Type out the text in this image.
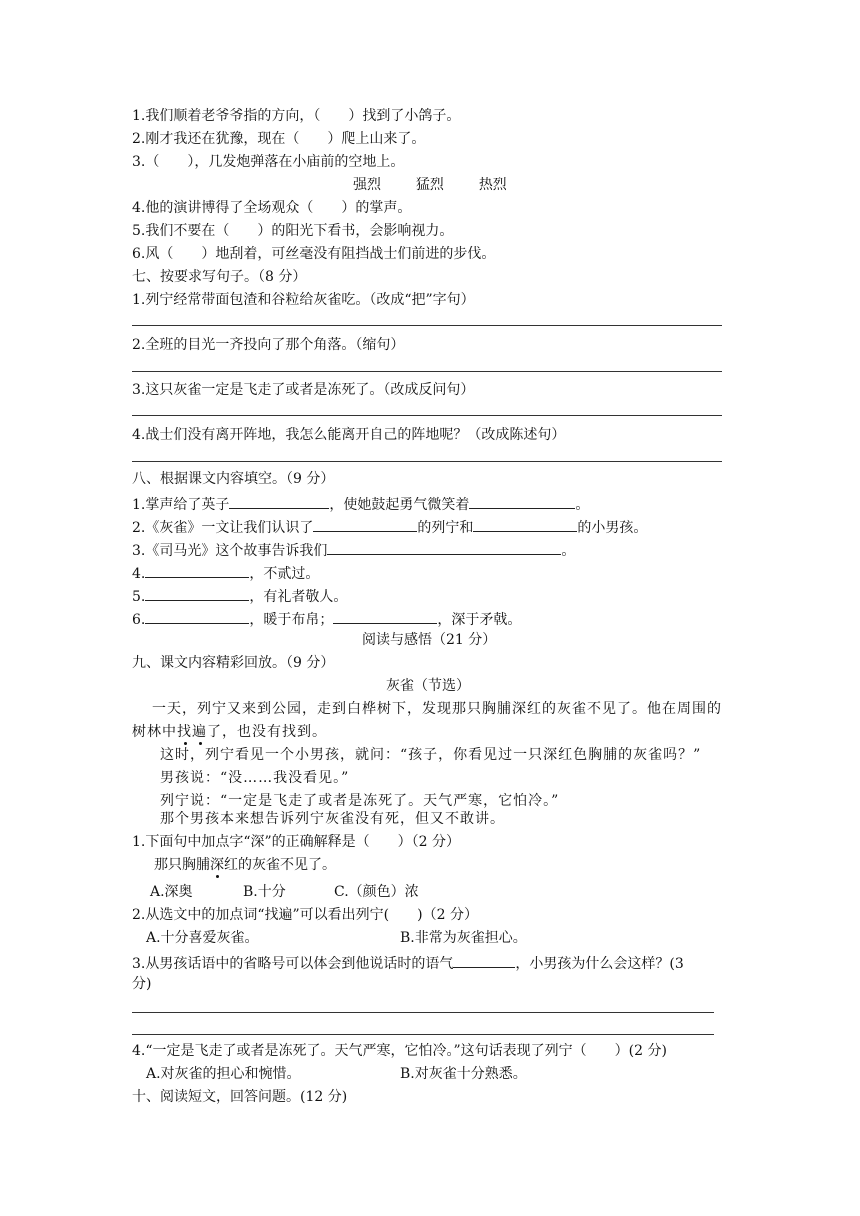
1.我们顺着老爷爷指的方向，（　　）找到了小鸽子。
2.刚才我还在犹豫，现在（　　）爬上山来了。
3.（　　），几发炮弹落在小庙前的空地上。
强烈 猛烈 热烈
4.他的演讲博得了全场观众（　　）的掌声。
5.我们不要在（　　）的阳光下看书，会影响视力。
6.风（　　）地刮着，可丝毫没有阻挡战士们前进的步伐。
七、按要求写句子。（8 分）
1.列宁经常带面包渣和谷粒给灰雀吃。（改成“把”字句）
2.全班的目光一齐投向了那个角落。（缩句）
3.这只灰雀一定是飞走了或者是冻死了。（改成反问句）
4.战士们没有离开阵地，我怎么能离开自己的阵地呢？（改成陈述句）
八、根据课文内容填空。（9 分）
1.掌声给了英子	，使她鼓起勇气微笑着	。
2.《灰雀》一文让我们认识了	的列宁和	的小男孩。
3.《司马光》这个故事告诉我们	。
4.	，不贰过。
5.	，有礼者敬人。
6.	，暖于布帛；	，深于矛戟。
阅读与感悟（21 分）
九、课文内容精彩回放。（9 分）
灰雀（节选）
一天，列宁又来到公园，走到白桦树下，发现那只胸脯深红的灰雀不见了。他在周围的
树林中找遍了，也没有找到。
这时，列宁看见一个小男孩，就问：“孩子，你看见过一只深红色胸脯的灰雀吗？”
男孩说：“没……我没看见。”
列宁说：“一定是飞走了或者是冻死了。天气严寒，它怕冷。”
那个男孩本来想告诉列宁灰雀没有死，但又不敢讲。
1.下面句中加点字“深”的正确解释是（　　）（2 分）
那只胸脯深红的灰雀不见了。
A.深奥	B.十分	C.（颜色）浓
2.从选文中的加点词“找遍”可以看出列宁(　　)（2 分）
A.十分喜爱灰雀。	B.非常为灰雀担心。
3.从男孩话语中的省略号可以体会到他说话时的语气	，小男孩为什么会这样？(3
分)
4.“一定是飞走了或者是冻死了。天气严寒，它怕冷。”这句话表现了列宁（　　）(2 分)
A.对灰雀的担心和惋惜。	B.对灰雀十分熟悉。
十、阅读短文，回答问题。(12 分)
